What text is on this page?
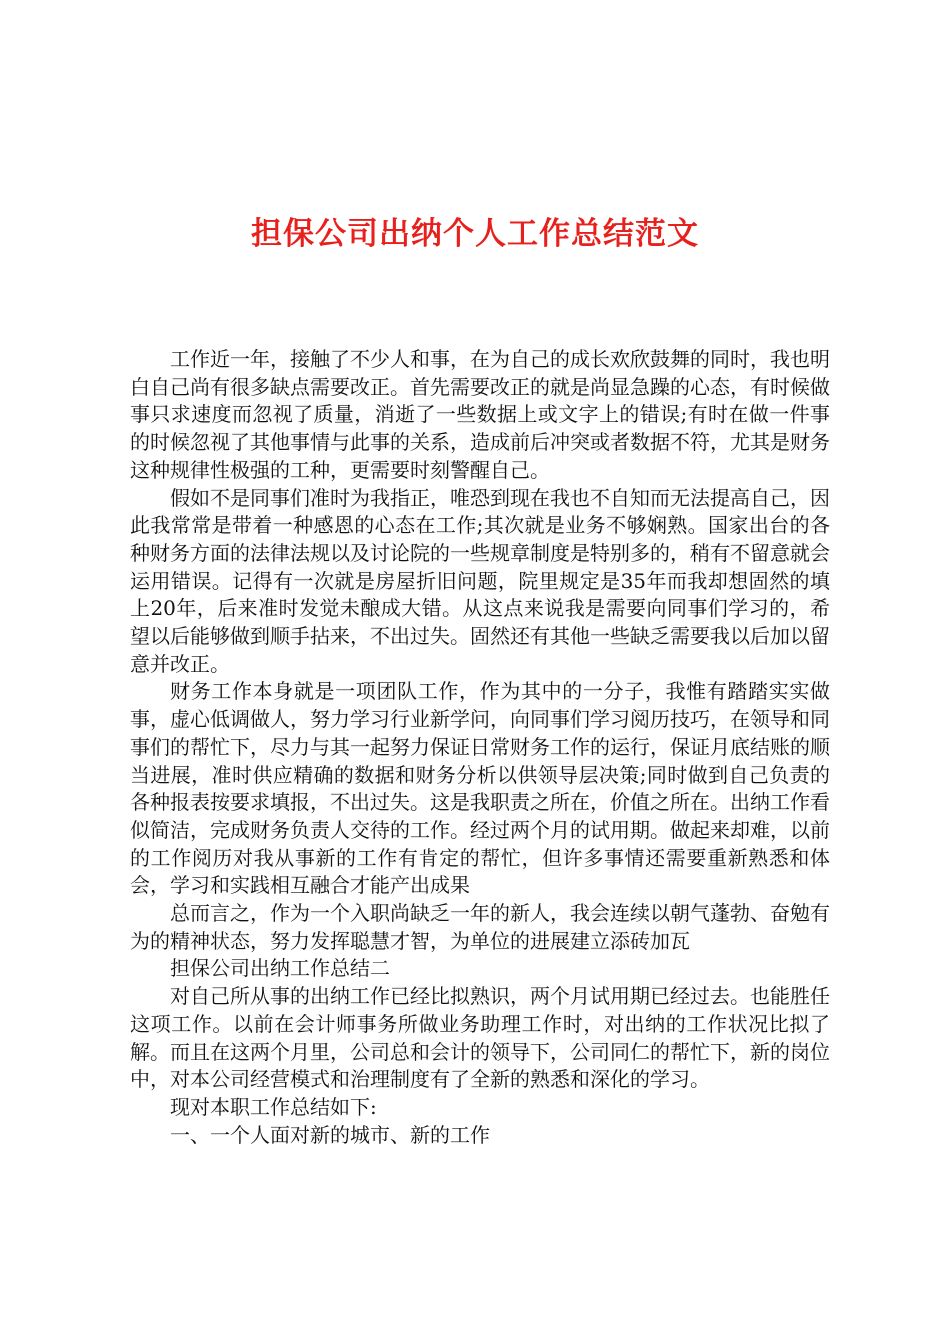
担保公司出纳个人工作总结范文

工作近一年，接触了不少人和事，在为自己的成长欢欣鼓舞的同时，我也明白自己尚有很多缺点需要改正。首先需要改正的就是尚显急躁的心态，有时候做事只求速度而忽视了质量，消逝了一些数据上或文字上的错误;有时在做一件事的时候忽视了其他事情与此事的关系，造成前后冲突或者数据不符，尤其是财务这种规律性极强的工种，更需要时刻警醒自己。

假如不是同事们准时为我指正，唯恐到现在我也不自知而无法提高自己，因此我常常是带着一种感恩的心态在工作;其次就是业务不够娴熟。国家出台的各种财务方面的法律法规以及讨论院的一些规章制度是特别多的，稍有不留意就会运用错误。记得有一次就是房屋折旧问题，院里规定是35年而我却想固然的填上20年，后来准时发觉未酿成大错。从这点来说我是需要向同事们学习的，希望以后能够做到顺手拈来，不出过失。固然还有其他一些缺乏需要我以后加以留意并改正。

财务工作本身就是一项团队工作，作为其中的一分子，我惟有踏踏实实做事，虚心低调做人，努力学习行业新学问，向同事们学习阅历技巧，在领导和同事们的帮忙下，尽力与其一起努力保证日常财务工作的运行，保证月底结账的顺当进展，准时供应精确的数据和财务分析以供领导层决策;同时做到自己负责的各种报表按要求填报，不出过失。这是我职责之所在，价值之所在。出纳工作看似简洁，完成财务负责人交待的工作。经过两个月的试用期。做起来却难，以前的工作阅历对我从事新的工作有肯定的帮忙，但许多事情还需要重新熟悉和体会，学习和实践相互融合才能产出成果

总而言之，作为一个入职尚缺乏一年的新人，我会连续以朝气蓬勃、奋勉有为的精神状态，努力发挥聪慧才智，为单位的进展建立添砖加瓦

担保公司出纳工作总结二

对自己所从事的出纳工作已经比拟熟识，两个月试用期已经过去。也能胜任这项工作。以前在会计师事务所做业务助理工作时，对出纳的工作状况比拟了解。而且在这两个月里，公司总和会计的领导下，公司同仁的帮忙下，新的岗位中，对本公司经营模式和治理制度有了全新的熟悉和深化的学习。

现对本职工作总结如下:

一、一个人面对新的城市、新的工作
